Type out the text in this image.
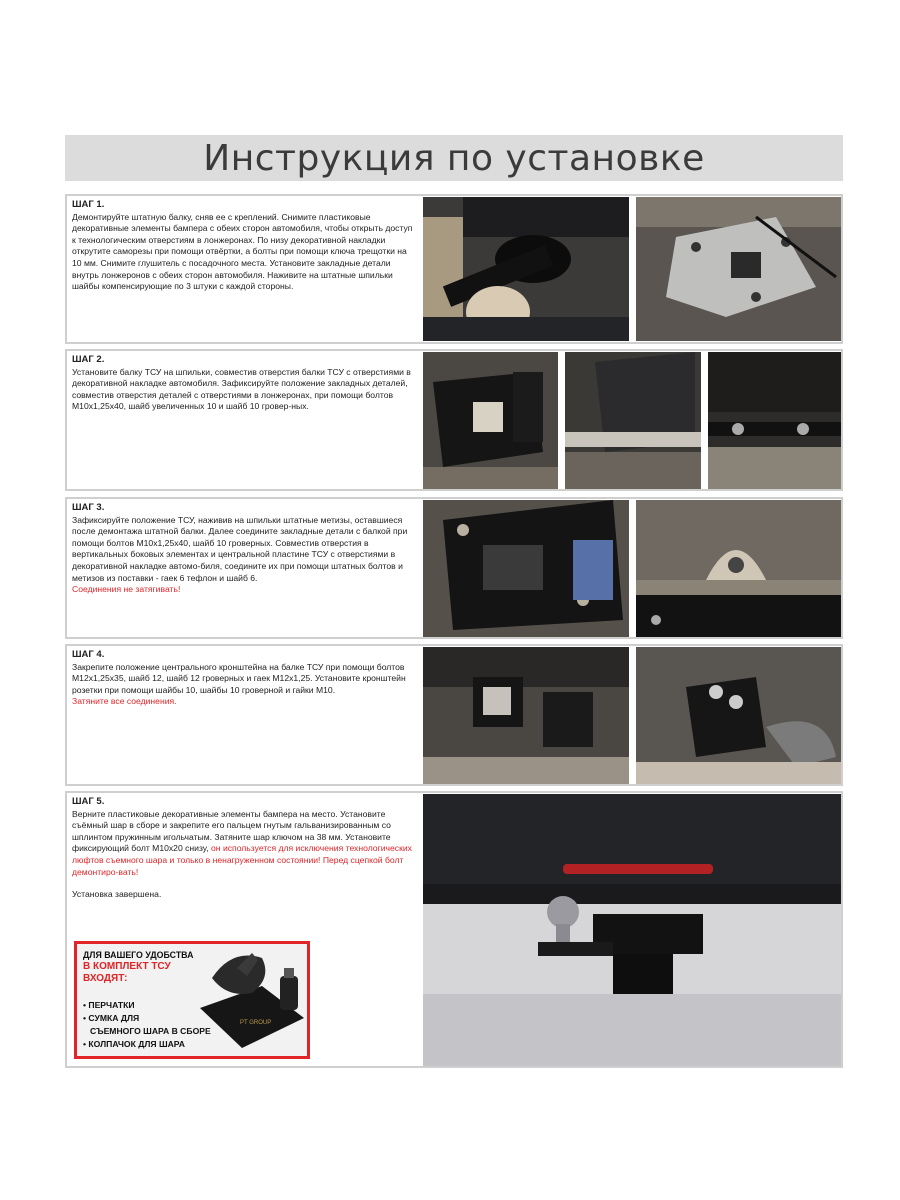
Инструкция по установке
ШАГ 1.
Демонтируйте штатную балку, сняв ее с креплений. Снимите пластиковые декоративные элементы бампера с обеих сторон автомобиля, чтобы открыть доступ к технологическим отверстиям в лонжеронах. По низу декоративной накладки открутите саморезы при помощи отвёртки, а болты при помощи ключа трещотки на 10 мм. Снимите глушитель с посадочного места. Установите закладные детали внутрь лонжеронов с обеих сторон автомобиля. Наживите на штатные шпильки шайбы компенсирующие по 3 штуки с каждой стороны.
ШАГ 2.
Установите балку ТСУ на шпильки, совместив отверстия балки ТСУ с отверстиями в декоративной накладке автомобиля. Зафиксируйте положение закладных деталей, совместив отверстия деталей с отверстиями в лонжеронах, при помощи болтов М10х1,25х40, шайб увеличенных 10 и шайб 10 гровер-ных.
ШАГ 3.
Зафиксируйте положение ТСУ, наживив на шпильки штатные метизы, оставшиеся после демонтажа штатной балки. Далее соедините закладные детали с балкой при помощи болтов М10х1,25х40, шайб 10 гроверных. Совместив отверстия в вертикальных боковых элементах и центральной пластине ТСУ с отверстиями в декоративной накладке автомо-биля, соедините их при помощи штатных болтов и метизов из поставки - гаек 6 тефлон и шайб 6.
Соединения не затягивать!
ШАГ 4.
Закрепите положение центрального кронштейна на балке ТСУ при помощи болтов М12х1,25х35, шайб 12, шайб 12 гроверных и гаек М12х1,25. Установите кронштейн розетки при помощи шайбы 10, шайбы 10 гроверной и гайки М10.
Затяните все соединения.
ШАГ 5.
Верните пластиковые декоративные элементы бампера на место. Установите съёмный шар в сборе и закрепите его пальцем гнутым гальванизированным со шплинтом пружинным игольчатым. Затяните шар ключом на 38 мм. Установите фиксирующий болт М10х20 снизу, он используется для исключения технологических люфтов съемного шара и только в ненагруженном состоянии! Перед сцепкой болт демонтиро-вать!
Установка завершена.
ДЛЯ ВАШЕГО УДОБСТВА
В КОМПЛЕКТ ТСУ
ВХОДЯТ:
• ПЕРЧАТКИ
• СУМКА ДЛЯ
СЪЕМНОГО ШАРА В СБОРЕ
• КОЛПАЧОК ДЛЯ ШАРА
PT GROUP
